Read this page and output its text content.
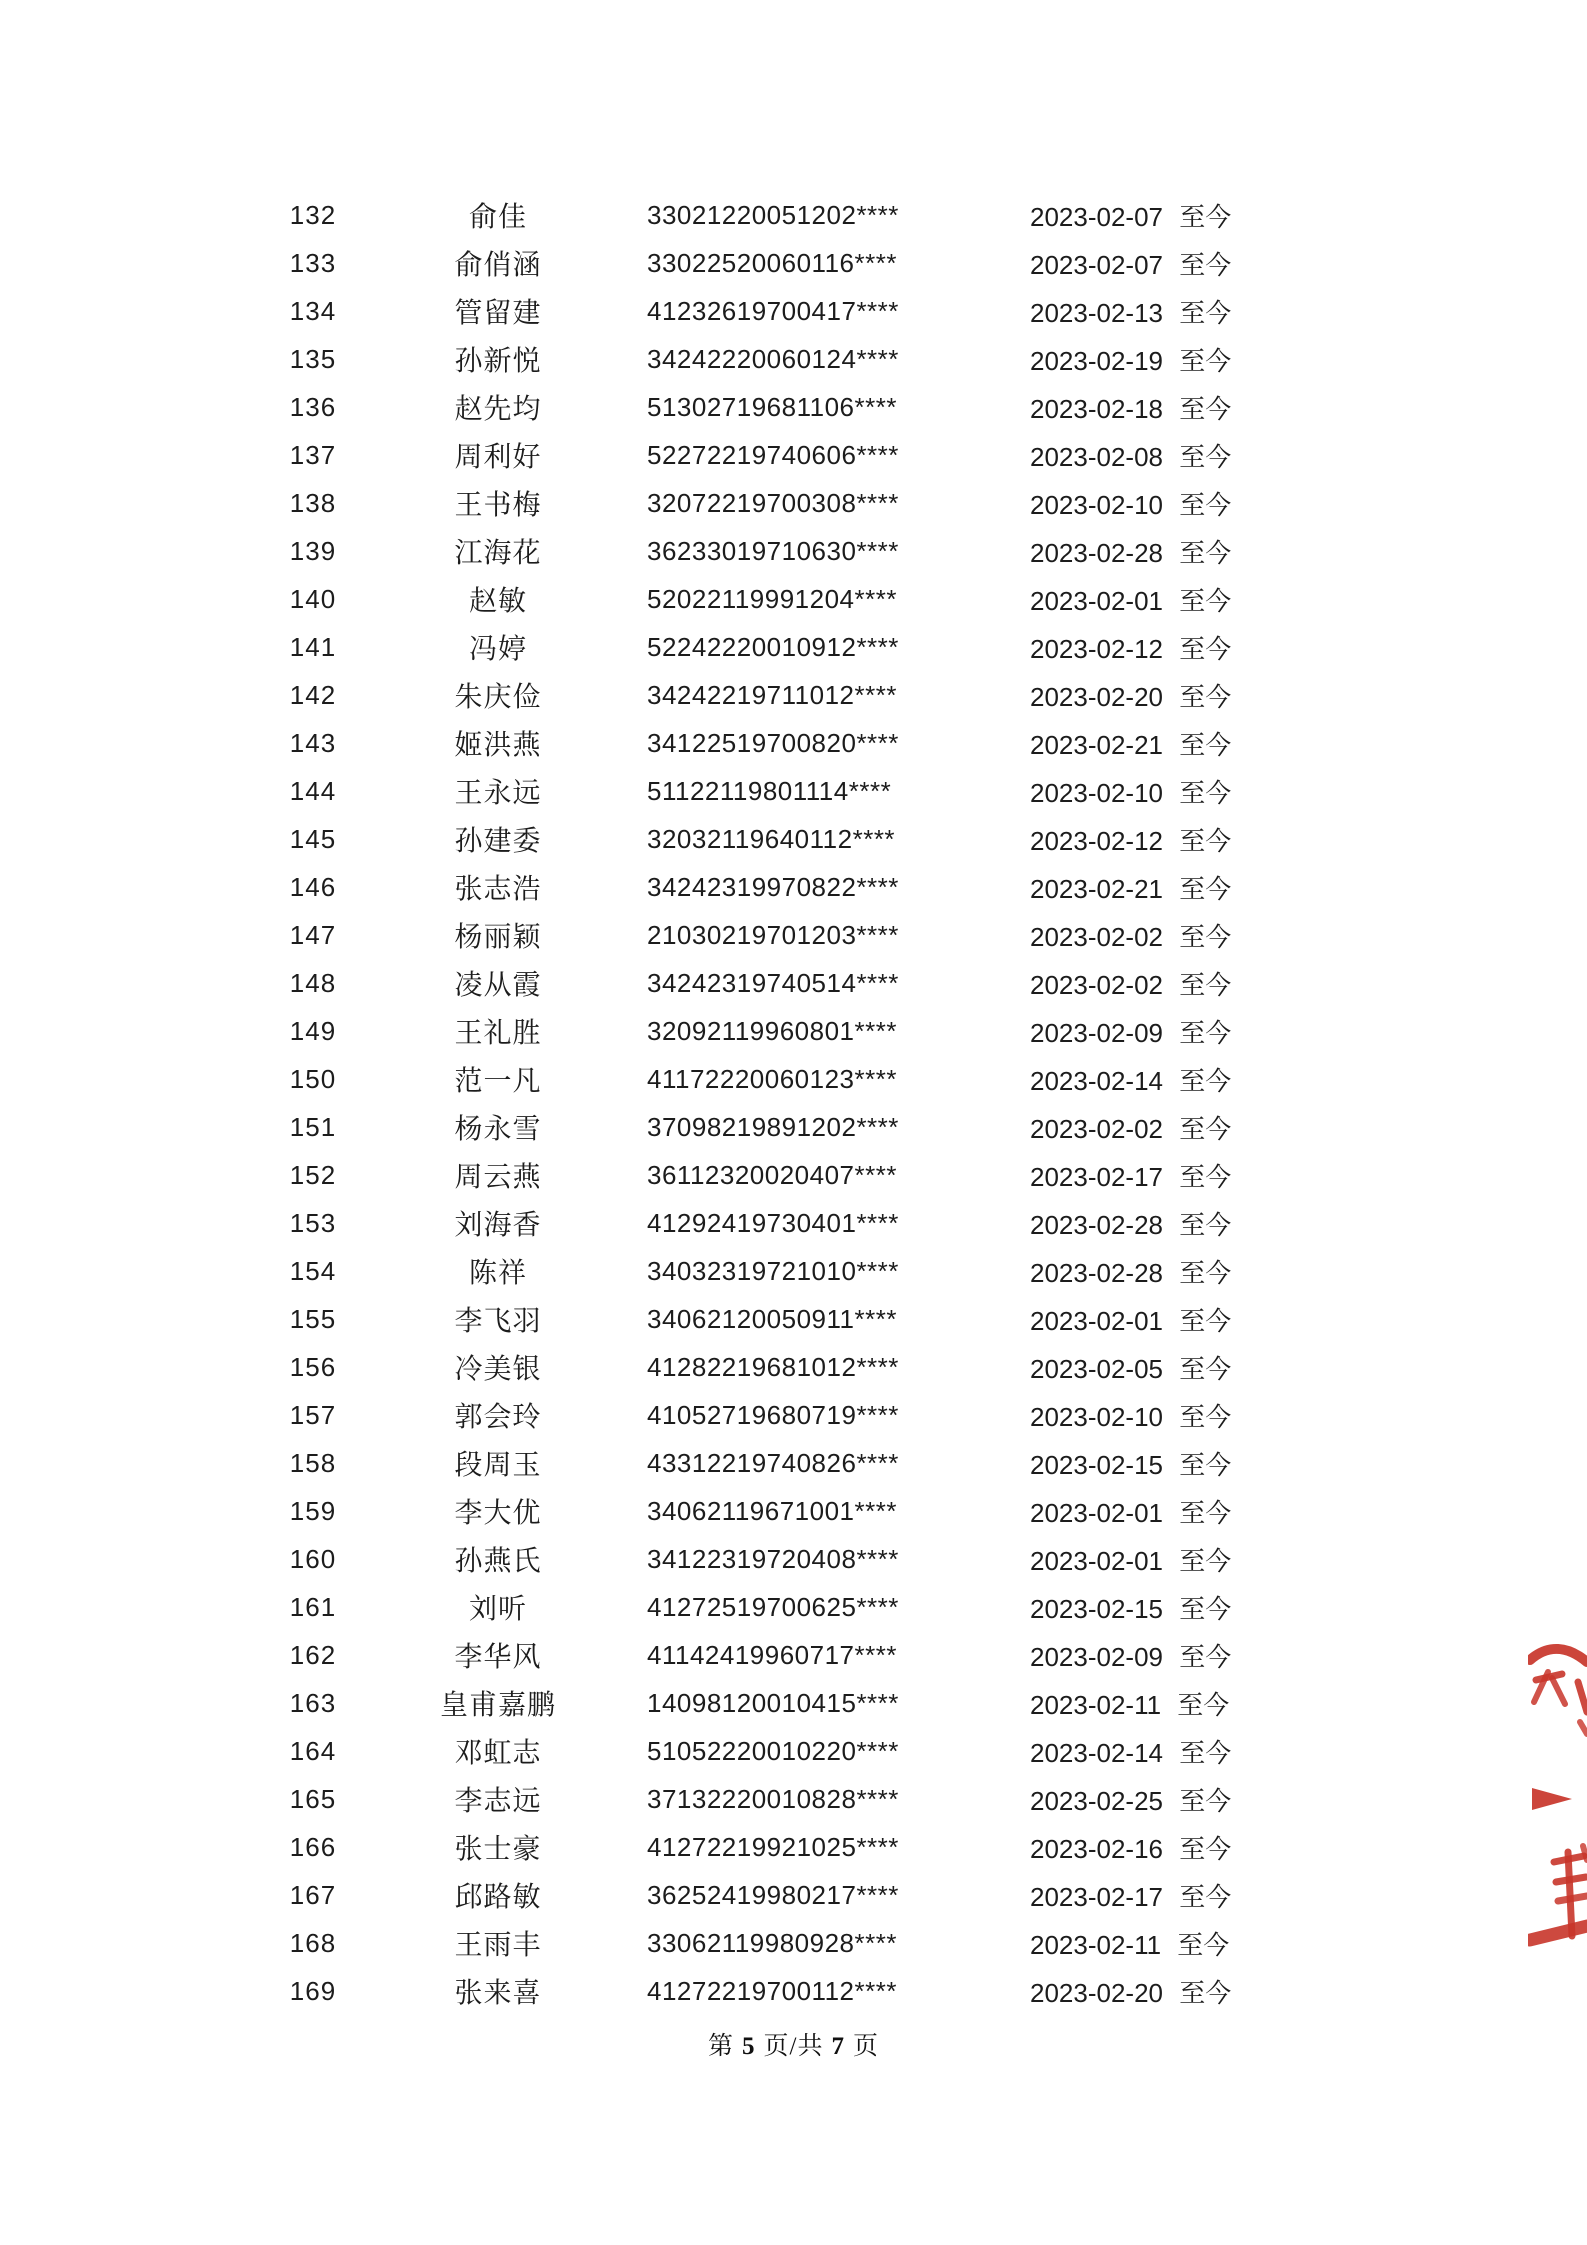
132	俞佳	33021220051202****	2023-02-07 至今
133	俞俏涵	33022520060116****	2023-02-07 至今
134	管留建	41232619700417****	2023-02-13 至今
135	孙新悦	34242220060124****	2023-02-19 至今
136	赵先均	51302719681106****	2023-02-18 至今
137	周利好	52272219740606****	2023-02-08 至今
138	王书梅	32072219700308****	2023-02-10 至今
139	江海花	36233019710630****	2023-02-28 至今
140	赵敏	52022119991204****	2023-02-01 至今
141	冯婷	52242220010912****	2023-02-12 至今
142	朱庆俭	34242219711012****	2023-02-20 至今
143	姬洪燕	34122519700820****	2023-02-21 至今
144	王永远	51122119801114****	2023-02-10 至今
145	孙建委	32032119640112****	2023-02-12 至今
146	张志浩	34242319970822****	2023-02-21 至今
147	杨丽颖	21030219701203****	2023-02-02 至今
148	凌从霞	34242319740514****	2023-02-02 至今
149	王礼胜	32092119960801****	2023-02-09 至今
150	范一凡	41172220060123****	2023-02-14 至今
151	杨永雪	37098219891202****	2023-02-02 至今
152	周云燕	36112320020407****	2023-02-17 至今
153	刘海香	41292419730401****	2023-02-28 至今
154	陈祥	34032319721010****	2023-02-28 至今
155	李飞羽	34062120050911****	2023-02-01 至今
156	冷美银	41282219681012****	2023-02-05 至今
157	郭会玲	41052719680719****	2023-02-10 至今
158	段周玉	43312219740826****	2023-02-15 至今
159	李大优	34062119671001****	2023-02-01 至今
160	孙燕氏	34122319720408****	2023-02-01 至今
161	刘听	41272519700625****	2023-02-15 至今
162	李华风	41142419960717****	2023-02-09 至今
163	皇甫嘉鹏	14098120010415****	2023-02-11 至今
164	邓虹志	51052220010220****	2023-02-14 至今
165	李志远	37132220010828****	2023-02-25 至今
166	张士豪	41272219921025****	2023-02-16 至今
167	邱路敏	36252419980217****	2023-02-17 至今
168	王雨丰	33062119980928****	2023-02-11 至今
169	张来喜	41272219700112****	2023-02-20 至今
第 5 页/共 7 页
